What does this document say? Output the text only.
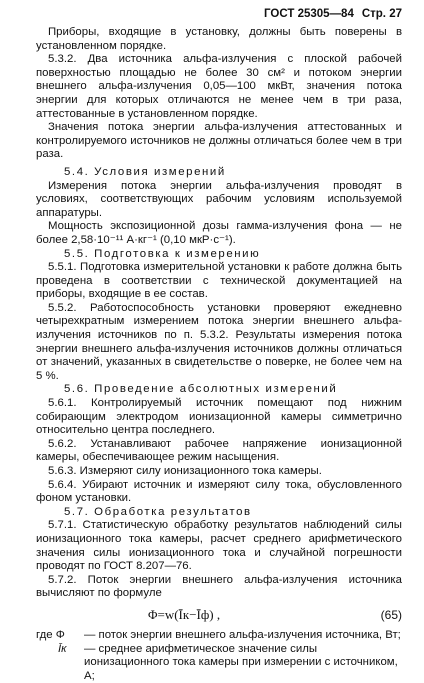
ГОСТ 25305—84 Стр. 27

Приборы, входящие в установку, должны быть поверены в установленном порядке.

5.3.2. Два источника альфа-излучения с плоской рабочей поверхностью площадью не более 30 см² и потоком энергии внешнего альфа-излучения 0,05—100 мкВт, значения потока энергии для которых отличаются не менее чем в три раза, аттестованные в установленном порядке.

Значения потока энергии альфа-излучения аттестованных и контролируемого источников не должны отличаться более чем в три раза.

5.4. Условия измерений

Измерения потока энергии альфа-излучения проводят в условиях, соответствующих рабочим условиям используемой аппаратуры.

Мощность экспозиционной дозы гамма-излучения фона — не более 2,58·10⁻¹¹ А·кг⁻¹ (0,10 мкР·с⁻¹).

5.5. Подготовка к измерению

5.5.1. Подготовка измерительной установки к работе должна быть проведена в соответствии с технической документацией на приборы, входящие в ее состав.

5.5.2. Работоспособность установки проверяют ежедневно четырехкратным измерением потока энергии внешнего альфа-излучения источников по п. 5.3.2. Результаты измерения потока энергии внешнего альфа-излучения источников должны отличаться от значений, указанных в свидетельстве о поверке, не более чем на 5 %.

5.6. Проведение абсолютных измерений

5.6.1. Контролируемый источник помещают под нижним собирающим электродом ионизационной камеры симметрично относительно центра последнего.

5.6.2. Устанавливают рабочее напряжение ионизационной камеры, обеспечивающее режим насыщения.

5.6.3. Измеряют силу ионизационного тока камеры.

5.6.4. Убирают источник и измеряют силу тока, обусловленного фоном установки.

5.7. Обработка результатов

5.7.1. Статистическую обработку результатов наблюдений силы ионизационного тока камеры, расчет среднего арифметического значения силы ионизационного тока и случайной погрешности проводят по ГОСТ 8.207—76.

5.7.2. Поток энергии внешнего альфа-излучения источника вычисляют по формуле

Φ=w(Īк−Īф) ,	(65)
где Φ	— поток энергии внешнего альфа-излучения источника, Вт;
Īк	— среднее арифметическое значение силы ионизационного тока камеры при измерении с источником, А;
